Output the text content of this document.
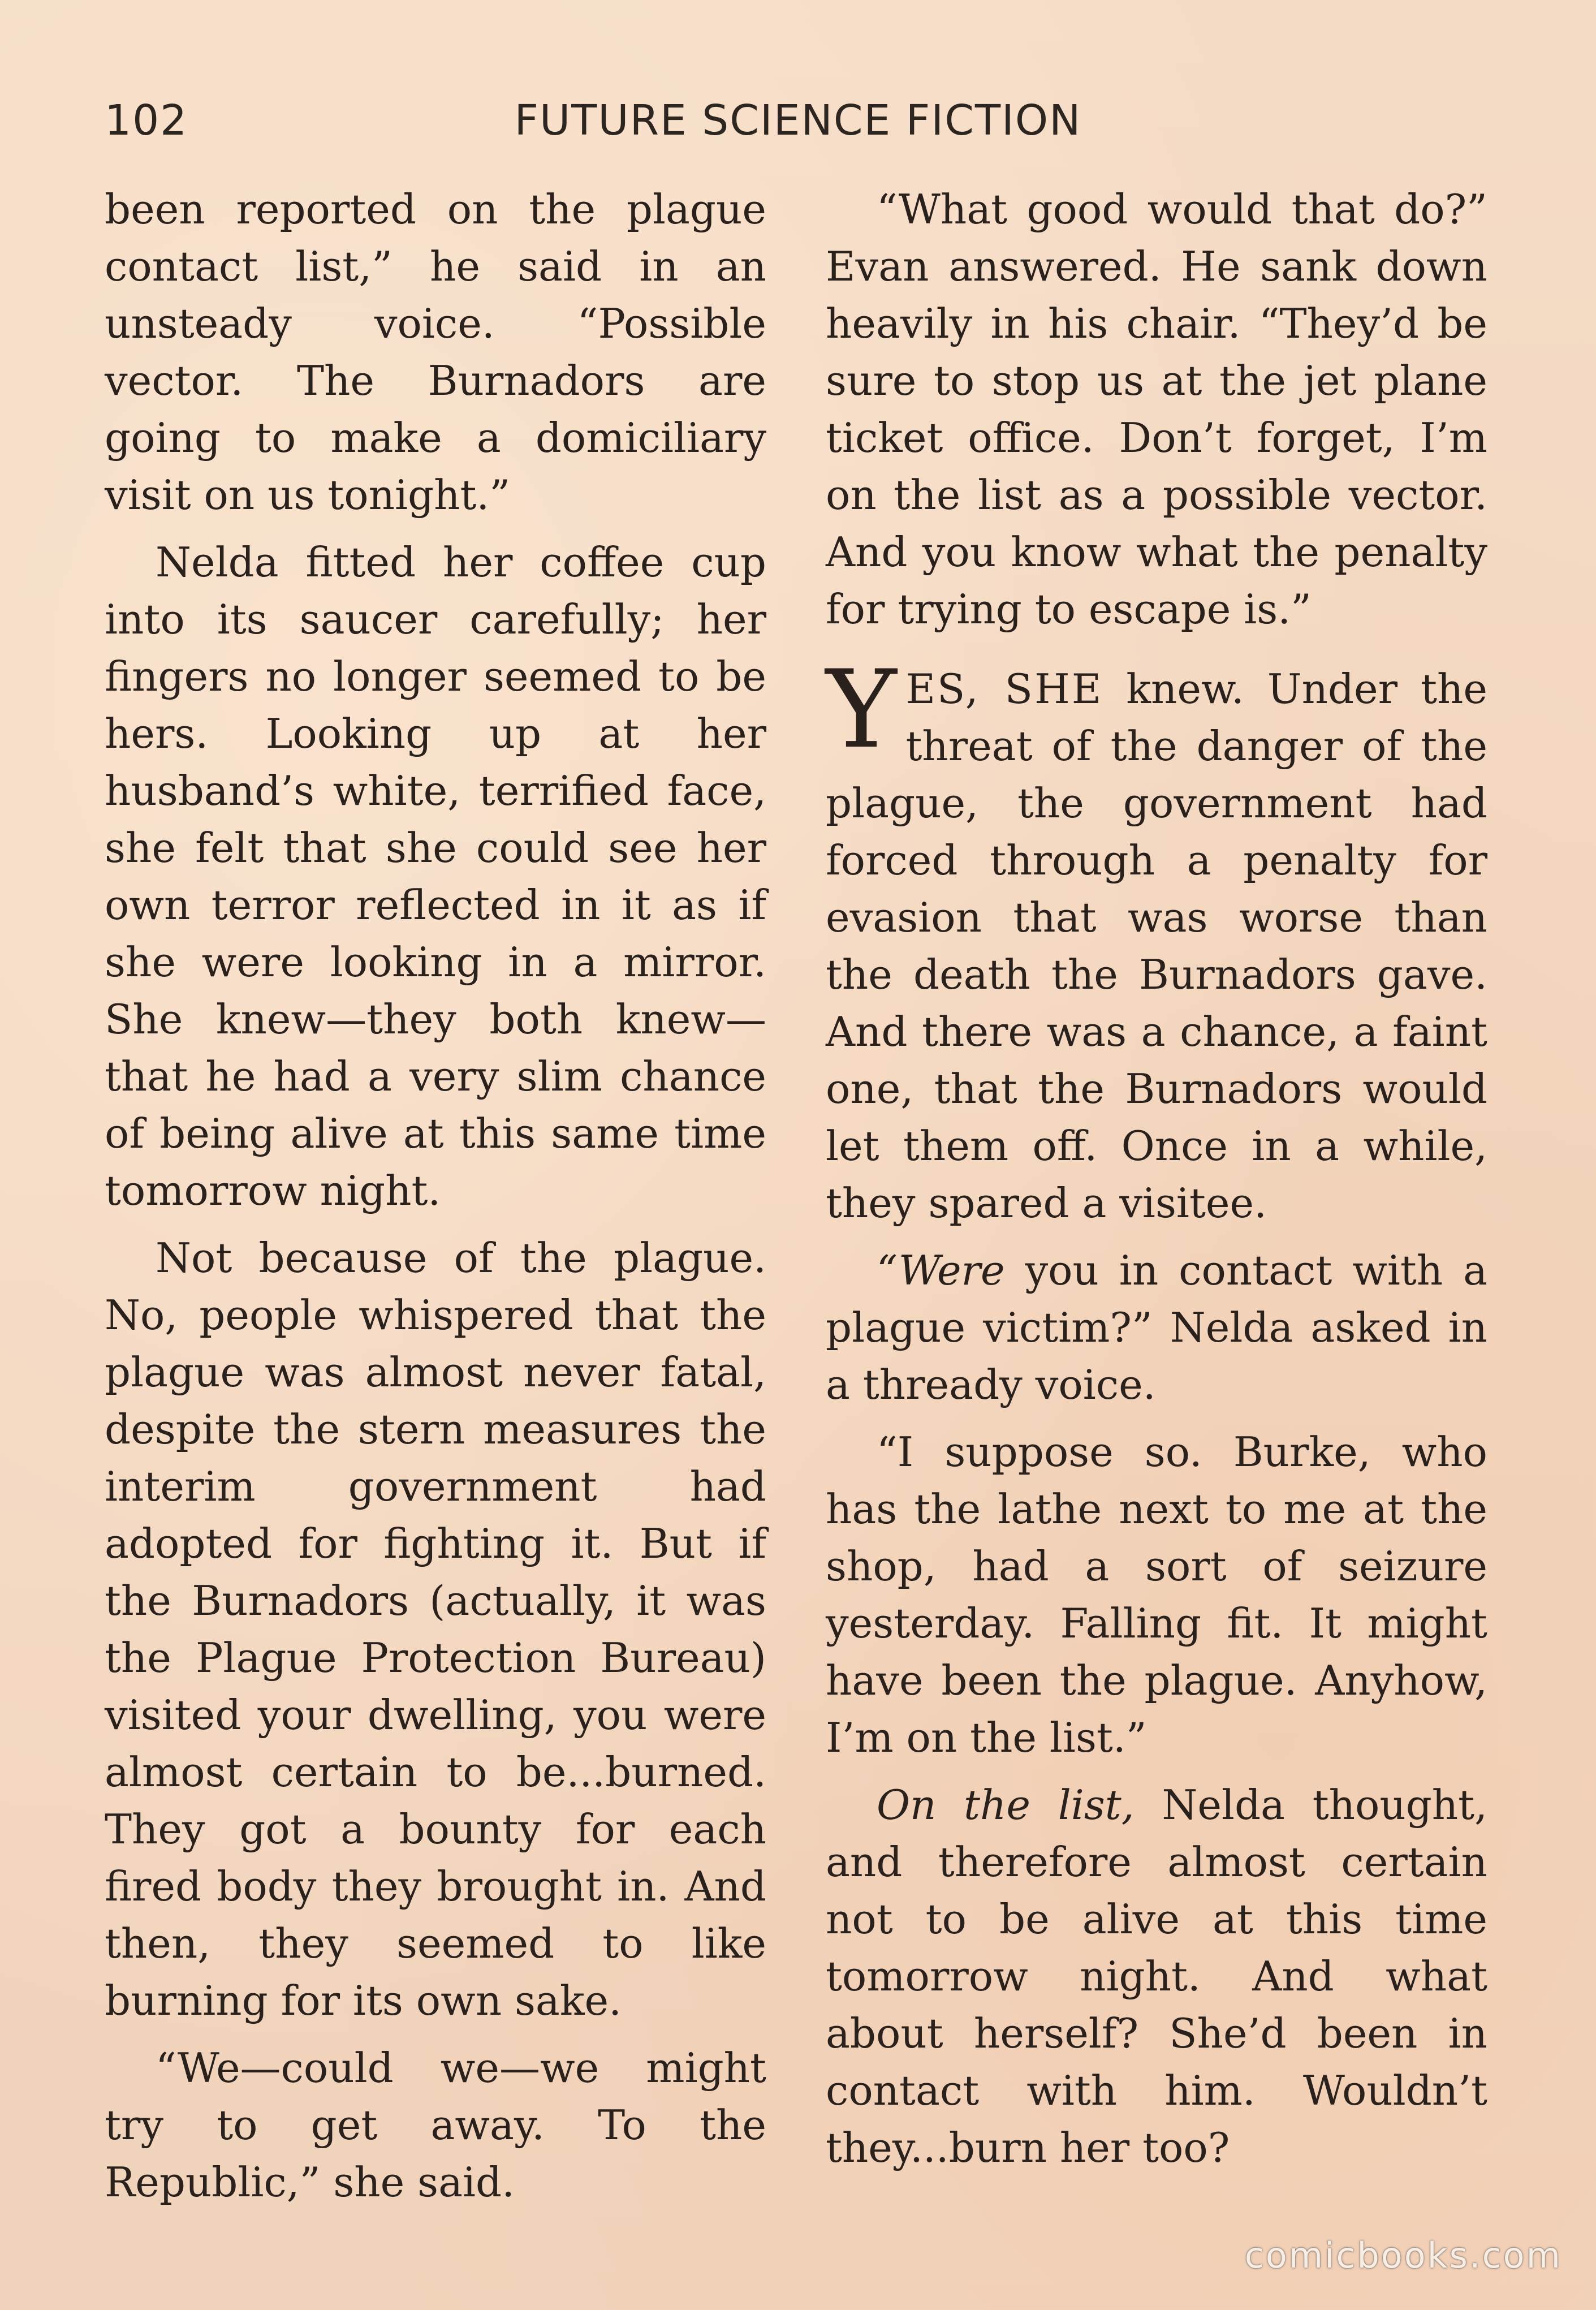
102	FUTURE SCIENCE FICTION

been reported on the plague contact list,” he said in an unsteady voice. “Possible vector. The Burnadors are going to make a domiciliary visit on us tonight.”

Nelda fitted her coffee cup into its saucer carefully; her fingers no longer seemed to be hers. Looking up at her husband’s white, terrified face, she felt that she could see her own terror reflected in it as if she were looking in a mirror. She knew—they both knew—that he had a very slim chance of being alive at this same time tomorrow night.

Not because of the plague. No, people whispered that the plague was almost never fatal, despite the stern measures the interim government had adopted for fighting it. But if the Burnadors (actually, it was the Plague Protection Bureau) visited your dwelling, you were almost certain to be...burned. They got a bounty for each fired body they brought in. And then, they seemed to like burning for its own sake.

“We—could we—we might try to get away. To the Republic,” she said.

“What good would that do?” Evan answered. He sank down heavily in his chair. “They’d be sure to stop us at the jet plane ticket office. Don’t forget, I’m on the list as a possible vector. And you know what the penalty for trying to escape is.”

YES, SHE knew. Under the threat of the danger of the plague, the government had forced through a penalty for evasion that was worse than the death the Burnadors gave. And there was a chance, a faint one, that the Burnadors would let them off. Once in a while, they spared a visitee.

“Were you in contact with a plague victim?” Nelda asked in a thready voice.

“I suppose so. Burke, who has the lathe next to me at the shop, had a sort of seizure yesterday. Falling fit. It might have been the plague. Anyhow, I’m on the list.”

On the list, Nelda thought, and therefore almost certain not to be alive at this time tomorrow night. And what about herself? She’d been in contact with him. Wouldn’t they...burn her too?

comicbooks.com
